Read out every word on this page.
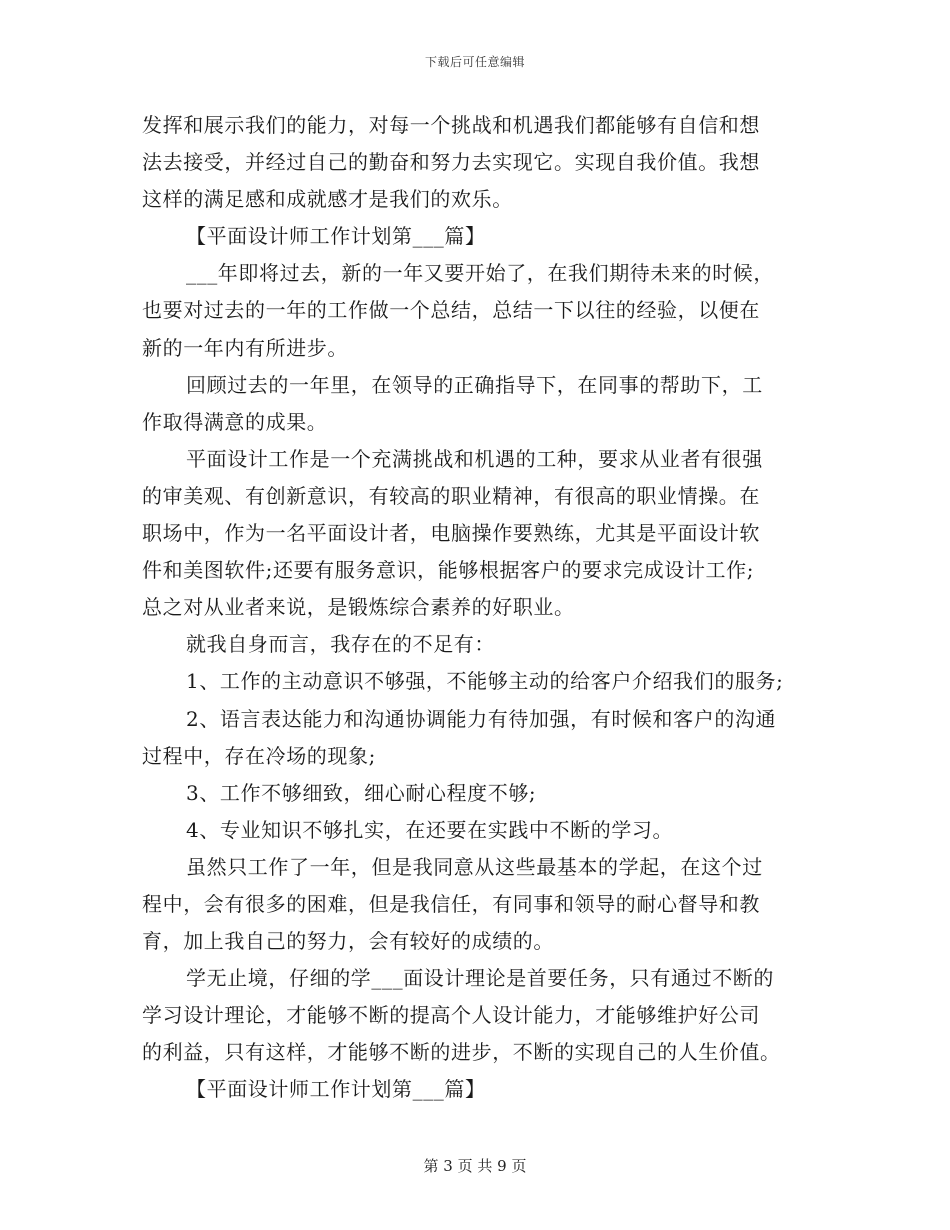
下载后可任意编辑
发挥和展示我们的能力，对每一个挑战和机遇我们都能够有自信和想
法去接受，并经过自己的勤奋和努力去实现它。实现自我价值。我想
这样的满足感和成就感才是我们的欢乐。
【平面设计师工作计划第___篇】
___年即将过去，新的一年又要开始了，在我们期待未来的时候，
也要对过去的一年的工作做一个总结，总结一下以往的经验，以便在
新的一年内有所进步。
回顾过去的一年里，在领导的正确指导下，在同事的帮助下，工
作取得满意的成果。
平面设计工作是一个充满挑战和机遇的工种，要求从业者有很强
的审美观、有创新意识，有较高的职业精神，有很高的职业情操。在
职场中，作为一名平面设计者，电脑操作要熟练，尤其是平面设计软
件和美图软件;还要有服务意识，能够根据客户的要求完成设计工作;
总之对从业者来说，是锻炼综合素养的好职业。
就我自身而言，我存在的不足有：
1、工作的主动意识不够强，不能够主动的给客户介绍我们的服务;
2、语言表达能力和沟通协调能力有待加强，有时候和客户的沟通
过程中，存在冷场的现象;
3、工作不够细致，细心耐心程度不够;
4、专业知识不够扎实，在还要在实践中不断的学习。
虽然只工作了一年，但是我同意从这些最基本的学起，在这个过
程中，会有很多的困难，但是我信任，有同事和领导的耐心督导和教
育，加上我自己的努力，会有较好的成绩的。
学无止境，仔细的学___面设计理论是首要任务，只有通过不断的
学习设计理论，才能够不断的提高个人设计能力，才能够维护好公司
的利益，只有这样，才能够不断的进步，不断的实现自己的人生价值。
【平面设计师工作计划第___篇】
第 3 页 共 9 页
